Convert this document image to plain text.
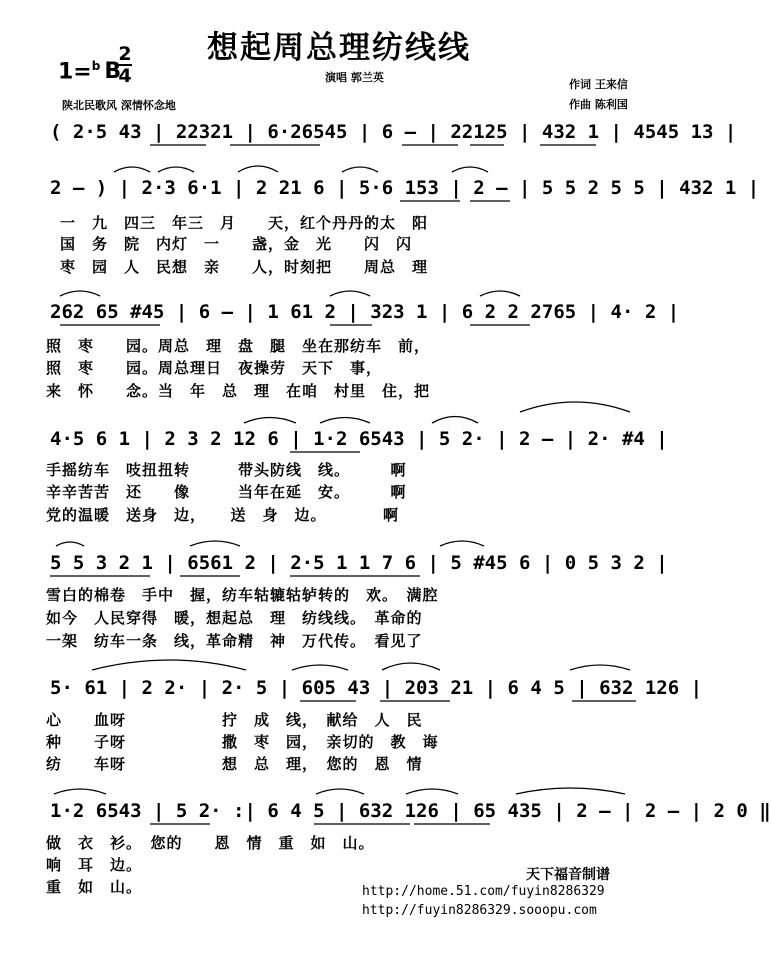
想起周总理纺线线
1=$^b$ B
2
4	演唱 郭兰英
作词 王来信
作曲 陈利国
陕北民歌风 深情怀念地
( 2·5 43 | 22321 | 6·26545 | 6 – | 22125 | 432 1 | 4545 13 |
2 – ) | 2·3 6·1 | 2 21 6 | 5·6 153 | 2 – | 5 5 2 5 5 | 432 1 |
一　九　四三　年三　月　　天，红个丹丹的太　阳
国　务　院　内灯　一　　盏，金　光　　闪　闪
枣　园　人　民想　亲　　人，时刻把　　周总　理
262 65 #45 | 6 – | 1 61 2 | 323 1 | 6 2 2 2765 | 4· 2 |
照　枣　　园。周总　理　盘　腿　坐在那纺车　前，
照　枣　　园。周总理日　夜操劳　天下　事，
来　怀　　念。当　年　总　理　在咱　村里　住，把
4·5 6 1 | 2 3 2 12 6 | 1·2 6543 | 5 2· | 2 – | 2· #4 |
手摇纺车　吱扭扭转　　　带头防线　线。　　　啊
辛辛苦苦　还　　像　　　当年在延　安。　　　啊
党的温暖　送身　边，　　送　身　边。　　　　啊
5 5 3 2 1 | 6561 2 | 2·5 1 1 7 6 | 5 #45 6 | 0 5 3 2 |
雪白的棉卷　手中　握，纺车轱辘轱轳转的　欢。　满腔
如今　人民穿得　暖，想起总　理　纺线线。　革命的
一架　纺车一条　线，革命精　神　万代传。　看见了
5· 61 | 2 2· | 2· 5 | 605 43 | 203 21 | 6 4 5 | 632 126 |
心　　血呀　　　　　　拧　成　线，　献给　人　民
种　　子呀　　　　　　撒　枣　园，　亲切的　教　诲
纺　　车呀　　　　　　想　总　理，　您的　恩　情
1·2 6543 | 5 2· :| 6 4 5 | 632 126 | 65 435 | 2 – | 2 – | 2 0 ‖
做　衣　衫。　您的　　恩　情　重　如　山。
响　耳　边。
重　如　山。
天下福音制谱
http://home.51.com/fuyin8286329
http://fuyin8286329.sooopu.com
